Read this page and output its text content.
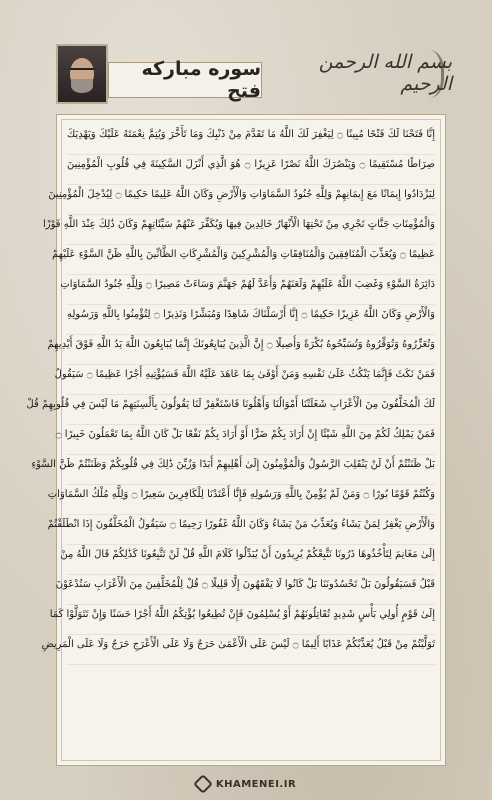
سوره مبارکه فتح
بسم الله الرحمن الرحیم
إِنَّا فَتَحْنَا لَكَ فَتْحًا مُبِينًا ۝ لِيَغْفِرَ لَكَ اللَّهُ مَا تَقَدَّمَ مِنْ ذَنْبِكَ وَمَا تَأَخَّرَ وَيُتِمَّ نِعْمَتَهُ عَلَيْكَ وَيَهْدِيَكَ
صِرَاطًا مُسْتَقِيمًا ۝ وَيَنْصُرَكَ اللَّهُ نَصْرًا عَزِيزًا ۝ هُوَ الَّذِي أَنْزَلَ السَّكِينَةَ فِي قُلُوبِ الْمُؤْمِنِينَ
لِيَزْدَادُوا إِيمَانًا مَعَ إِيمَانِهِمْ وَلِلَّهِ جُنُودُ السَّمَاوَاتِ وَالْأَرْضِ وَكَانَ اللَّهُ عَلِيمًا حَكِيمًا ۝ لِيُدْخِلَ الْمُؤْمِنِينَ
وَالْمُؤْمِنَاتِ جَنَّاتٍ تَجْرِي مِنْ تَحْتِهَا الْأَنْهَارُ خَالِدِينَ فِيهَا وَيُكَفِّرَ عَنْهُمْ سَيِّئَاتِهِمْ وَكَانَ ذَٰلِكَ عِنْدَ اللَّهِ فَوْزًا
عَظِيمًا ۝ وَيُعَذِّبَ الْمُنَافِقِينَ وَالْمُنَافِقَاتِ وَالْمُشْرِكِينَ وَالْمُشْرِكَاتِ الظَّانِّينَ بِاللَّهِ ظَنَّ السَّوْءِ عَلَيْهِمْ
دَائِرَةُ السَّوْءِ وَغَضِبَ اللَّهُ عَلَيْهِمْ وَلَعَنَهُمْ وَأَعَدَّ لَهُمْ جَهَنَّمَ وَسَاءَتْ مَصِيرًا ۝ وَلِلَّهِ جُنُودُ السَّمَاوَاتِ
وَالْأَرْضِ وَكَانَ اللَّهُ عَزِيزًا حَكِيمًا ۝ إِنَّا أَرْسَلْنَاكَ شَاهِدًا وَمُبَشِّرًا وَنَذِيرًا ۝ لِتُؤْمِنُوا بِاللَّهِ وَرَسُولِهِ
وَتُعَزِّرُوهُ وَتُوَقِّرُوهُ وَتُسَبِّحُوهُ بُكْرَةً وَأَصِيلًا ۝ إِنَّ الَّذِينَ يُبَايِعُونَكَ إِنَّمَا يُبَايِعُونَ اللَّهَ يَدُ اللَّهِ فَوْقَ أَيْدِيهِمْ
فَمَنْ نَكَثَ فَإِنَّمَا يَنْكُثُ عَلَىٰ نَفْسِهِ وَمَنْ أَوْفَىٰ بِمَا عَاهَدَ عَلَيْهُ اللَّهَ فَسَيُؤْتِيهِ أَجْرًا عَظِيمًا ۝ سَيَقُولُ
لَكَ الْمُخَلَّفُونَ مِنَ الْأَعْرَابِ شَغَلَتْنَا أَمْوَالُنَا وَأَهْلُونَا فَاسْتَغْفِرْ لَنَا يَقُولُونَ بِأَلْسِنَتِهِمْ مَا لَيْسَ فِي قُلُوبِهِمْ قُلْ
فَمَنْ يَمْلِكُ لَكُمْ مِنَ اللَّهِ شَيْئًا إِنْ أَرَادَ بِكُمْ ضَرًّا أَوْ أَرَادَ بِكُمْ نَفْعًا بَلْ كَانَ اللَّهُ بِمَا تَعْمَلُونَ خَبِيرًا ۝
بَلْ ظَنَنْتُمْ أَنْ لَنْ يَنْقَلِبَ الرَّسُولُ وَالْمُؤْمِنُونَ إِلَىٰ أَهْلِيهِمْ أَبَدًا وَزُيِّنَ ذَٰلِكَ فِي قُلُوبِكُمْ وَظَنَنْتُمْ ظَنَّ السَّوْءِ
وَكُنْتُمْ قَوْمًا بُورًا ۝ وَمَنْ لَمْ يُؤْمِنْ بِاللَّهِ وَرَسُولِهِ فَإِنَّا أَعْتَدْنَا لِلْكَافِرِينَ سَعِيرًا ۝ وَلِلَّهِ مُلْكُ السَّمَاوَاتِ
وَالْأَرْضِ يَغْفِرُ لِمَنْ يَشَاءُ وَيُعَذِّبُ مَنْ يَشَاءُ وَكَانَ اللَّهُ غَفُورًا رَحِيمًا ۝ سَيَقُولُ الْمُخَلَّفُونَ إِذَا انْطَلَقْتُمْ
إِلَىٰ مَغَانِمَ لِتَأْخُذُوهَا ذَرُونَا نَتَّبِعْكُمْ يُرِيدُونَ أَنْ يُبَدِّلُوا كَلَامَ اللَّهِ قُلْ لَنْ تَتَّبِعُونَا كَذَٰلِكُمْ قَالَ اللَّهُ مِنْ
قَبْلُ فَسَيَقُولُونَ بَلْ تَحْسُدُونَنَا بَلْ كَانُوا لَا يَفْقَهُونَ إِلَّا قَلِيلًا ۝ قُلْ لِلْمُخَلَّفِينَ مِنَ الْأَعْرَابِ سَتُدْعَوْنَ
إِلَىٰ قَوْمٍ أُولِي بَأْسٍ شَدِيدٍ تُقَاتِلُونَهُمْ أَوْ يُسْلِمُونَ فَإِنْ تُطِيعُوا يُؤْتِكُمُ اللَّهُ أَجْرًا حَسَنًا وَإِنْ تَتَوَلَّوْا كَمَا
تَوَلَّيْتُمْ مِنْ قَبْلُ يُعَذِّبْكُمْ عَذَابًا أَلِيمًا ۝ لَيْسَ عَلَى الْأَعْمَىٰ حَرَجٌ وَلَا عَلَى الْأَعْرَجِ حَرَجٌ وَلَا عَلَى الْمَرِيضِ
KHAMENEI.IR
